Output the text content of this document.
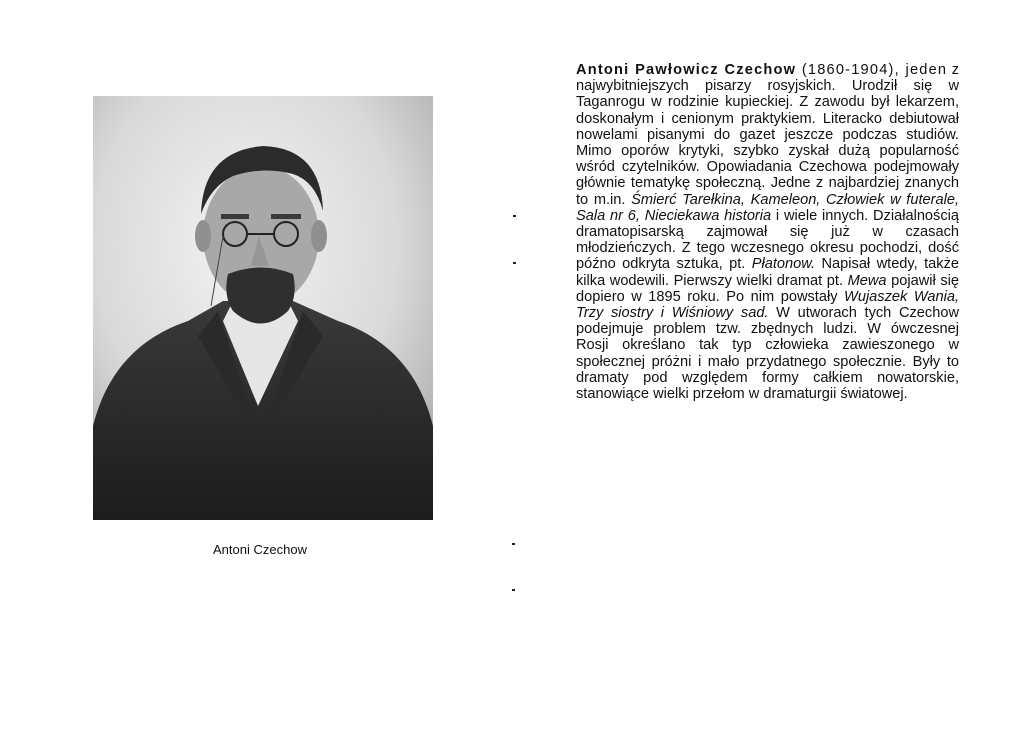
Antoni Czechow
Antoni Pawłowicz Czechow (1860-1904), jeden z najwybitniejszych pisarzy rosyjskich. Urodził się w Taganrogu w rodzinie kupieckiej. Z zawodu był lekarzem, doskonałym i cenionym praktykiem. Literacko debiutował nowelami pisanymi do gazet jeszcze podczas studiów. Mimo oporów krytyki, szybko zyskał dużą popularność wśród czytelników. Opowiadania Czechowa podejmowały głównie tematykę społeczną. Jedne z najbardziej znanych to m.in. Śmierć Tarełkina, Kameleon, Człowiek w futerale, Sala nr 6, Nieciekawa historia i wiele innych. Działalnością dramatopisarską zajmował się już w czasach młodzieńczych. Z tego wczesnego okresu pochodzi, dość późno odkryta sztuka, pt. Płatonow. Napisał wtedy, także kilka wodewili. Pierwszy wielki dramat pt. Mewa pojawił się dopiero w 1895 roku. Po nim powstały Wujaszek Wania, Trzy siostry i Wiśniowy sad. W utworach tych Czechow podejmuje problem tzw. zbędnych ludzi. W ówczesnej Rosji określano tak typ człowieka zawieszonego w społecznej próżni i mało przydatnego społecznie. Były to dramaty pod względem formy całkiem nowatorskie, stanowiące wielki przełom w dramaturgii światowej.
